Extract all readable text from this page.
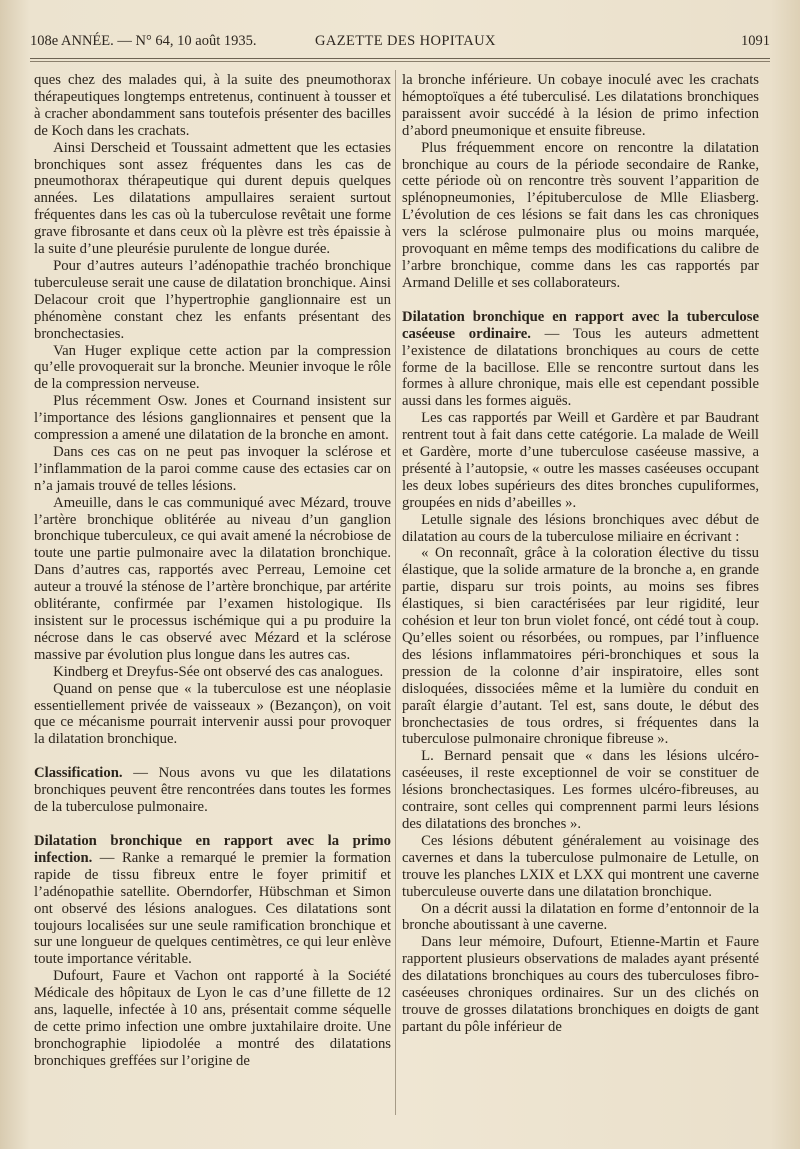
108e ANNÉE. — N° 64, 10 août 1935.	GAZETTE DES HOPITAUX	1091

ques chez des malades qui, à la suite des pneumothorax thérapeutiques longtemps entretenus, continuent à tousser et à cracher abondamment sans toutefois présenter des bacilles de Koch dans les crachats.

Ainsi Derscheid et Toussaint admettent que les ectasies bronchiques sont assez fréquentes dans les cas de pneumothorax thérapeutique qui durent depuis quelques années. Les dilatations ampullaires seraient surtout fréquentes dans les cas où la tuberculose revêtait une forme grave fibrosante et dans ceux où la plèvre est très épaissie à la suite d’une pleurésie purulente de longue durée.

Pour d’autres auteurs l’adénopathie trachéo bronchique tuberculeuse serait une cause de dilatation bronchique. Ainsi Delacour croit que l’hypertrophie ganglionnaire est un phénomène constant chez les enfants présentant des bronchectasies.

Van Huger explique cette action par la compression qu’elle provoquerait sur la bronche. Meunier invoque le rôle de la compression nerveuse.

Plus récemment Osw. Jones et Cournand insistent sur l’importance des lésions ganglionnaires et pensent que la compression a amené une dilatation de la bronche en amont.

Dans ces cas on ne peut pas invoquer la sclérose et l’inflammation de la paroi comme cause des ectasies car on n’a jamais trouvé de telles lésions.

Ameuille, dans le cas communiqué avec Mézard, trouve l’artère bronchique oblitérée au niveau d’un ganglion bronchique tuberculeux, ce qui avait amené la nécrobiose de toute une partie pulmonaire avec la dilatation bronchique. Dans d’autres cas, rapportés avec Perreau, Lemoine cet auteur a trouvé la sténose de l’artère bronchique, par artérite oblitérante, confirmée par l’examen histologique. Ils insistent sur le processus ischémique qui a pu produire la nécrose dans le cas observé avec Mézard et la sclérose massive par évolution plus longue dans les autres cas.

Kindberg et Dreyfus-Sée ont observé des cas analogues.

Quand on pense que « la tuberculose est une néoplasie essentiellement privée de vaisseaux » (Bezançon), on voit que ce mécanisme pourrait intervenir aussi pour provoquer la dilatation bronchique.

Classification. — Nous avons vu que les dilatations bronchiques peuvent être rencontrées dans toutes les formes de la tuberculose pulmonaire.

Dilatation bronchique en rapport avec la primo infection. — Ranke a remarqué le premier la formation rapide de tissu fibreux entre le foyer primitif et l’adénopathie satellite. Oberndorfer, Hübschman et Simon ont observé des lésions analogues. Ces dilatations sont toujours localisées sur une seule ramification bronchique et sur une longueur de quelques centimètres, ce qui leur enlève toute importance véritable.

Dufourt, Faure et Vachon ont rapporté à la Société Médicale des hôpitaux de Lyon le cas d’une fillette de 12 ans, laquelle, infectée à 10 ans, présentait comme séquelle de cette primo infection une ombre juxtahilaire droite. Une bronchographie lipiodolée a montré des dilatations bronchiques greffées sur l’origine de

la bronche inférieure. Un cobaye inoculé avec les crachats hémoptoïques a été tuberculisé. Les dilatations bronchiques paraissent avoir succédé à la lésion de primo infection d’abord pneumonique et ensuite fibreuse.

Plus fréquemment encore on rencontre la dilatation bronchique au cours de la période secondaire de Ranke, cette période où on rencontre très souvent l’apparition de splénopneumonies, l’épituberculose de Mlle Eliasberg. L’évolution de ces lésions se fait dans les cas chroniques vers la sclérose pulmonaire plus ou moins marquée, provoquant en même temps des modifications du calibre de l’arbre bronchique, comme dans les cas rapportés par Armand Delille et ses collaborateurs.

Dilatation bronchique en rapport avec la tuberculose caséeuse ordinaire. — Tous les auteurs admettent l’existence de dilatations bronchiques au cours de cette forme de la bacillose. Elle se rencontre surtout dans les formes à allure chronique, mais elle est cependant possible aussi dans les formes aiguës.

Les cas rapportés par Weill et Gardère et par Baudrant rentrent tout à fait dans cette catégorie. La malade de Weill et Gardère, morte d’une tuberculose caséeuse massive, a présenté à l’autopsie, « outre les masses caséeuses occupant les deux lobes supérieurs des dites bronches cupuliformes, groupées en nids d’abeilles ».

Letulle signale des lésions bronchiques avec début de dilatation au cours de la tuberculose miliaire en écrivant :

« On reconnaît, grâce à la coloration élective du tissu élastique, que la solide armature de la bronche a, en grande partie, disparu sur trois points, au moins ses fibres élastiques, si bien caractérisées par leur rigidité, leur cohésion et leur ton brun violet foncé, ont cédé tout à coup. Qu’elles soient ou résorbées, ou rompues, par l’influence des lésions inflammatoires péri-bronchiques et sous la pression de la colonne d’air inspiratoire, elles sont disloquées, dissociées même et la lumière du conduit en paraît élargie d’autant. Tel est, sans doute, le début des bronchectasies de tous ordres, si fréquentes dans la tuberculose pulmonaire chronique fibreuse ».

L. Bernard pensait que « dans les lésions ulcéro-caséeuses, il reste exceptionnel de voir se constituer de lésions bronchectasiques. Les formes ulcéro-fibreuses, au contraire, sont celles qui comprennent parmi leurs lésions des dilatations des bronches ».

Ces lésions débutent généralement au voisinage des cavernes et dans la tuberculose pulmonaire de Letulle, on trouve les planches LXIX et LXX qui montrent une caverne tuberculeuse ouverte dans une dilatation bronchique.

On a décrit aussi la dilatation en forme d’entonnoir de la bronche aboutissant à une caverne.

Dans leur mémoire, Dufourt, Etienne-Martin et Faure rapportent plusieurs observations de malades ayant présenté des dilatations bronchiques au cours des tuberculoses fibro-caséeuses chroniques ordinaires. Sur un des clichés on trouve de grosses dilatations bronchiques en doigts de gant partant du pôle inférieur de
